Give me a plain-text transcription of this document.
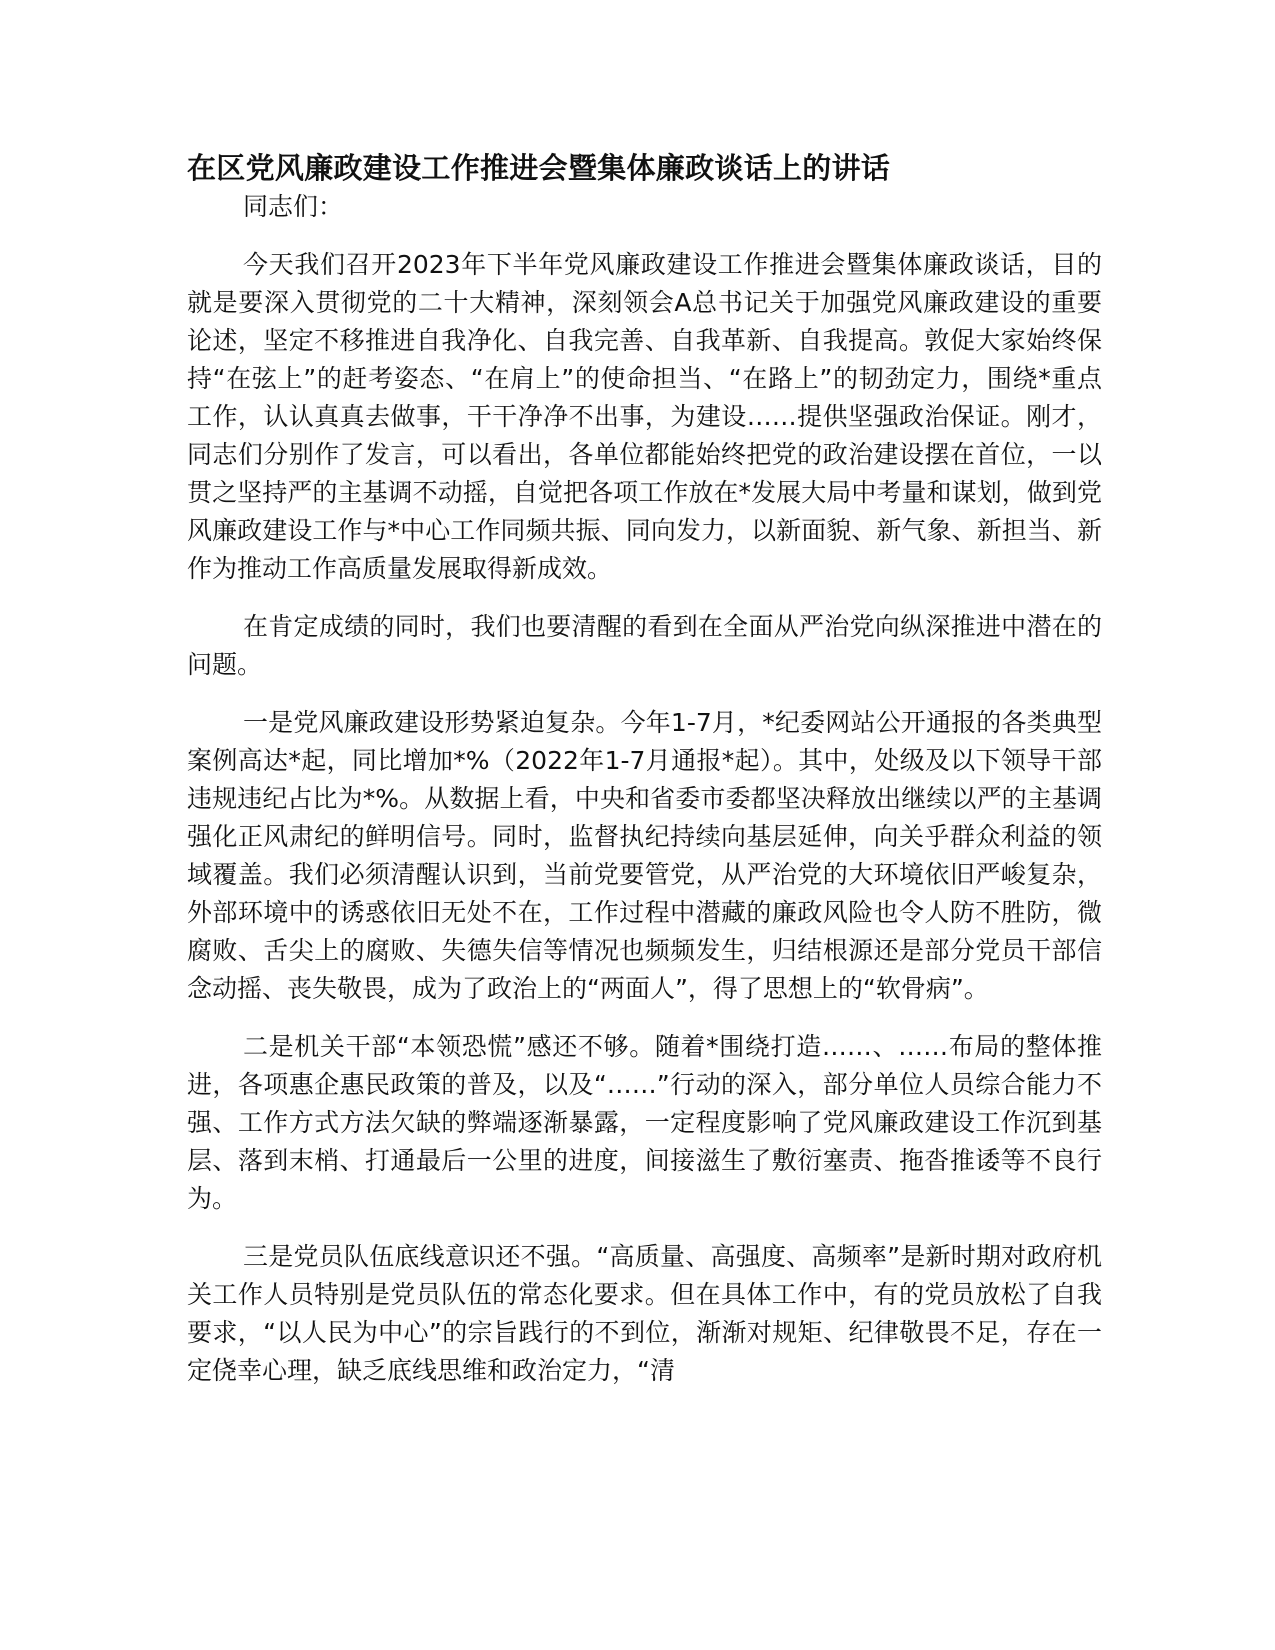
在区党风廉政建设工作推进会暨集体廉政谈话上的讲话

同志们：

今天我们召开2023年下半年党风廉政建设工作推进会暨集体廉政谈话，目的就是要深入贯彻党的二十大精神，深刻领会A总书记关于加强党风廉政建设的重要论述，坚定不移推进自我净化、自我完善、自我革新、自我提高。敦促大家始终保持“在弦上”的赶考姿态、“在肩上”的使命担当、“在路上”的韧劲定力，围绕*重点工作，认认真真去做事，干干净净不出事，为建设……提供坚强政治保证。刚才，同志们分别作了发言，可以看出，各单位都能始终把党的政治建设摆在首位，一以贯之坚持严的主基调不动摇，自觉把各项工作放在*发展大局中考量和谋划，做到党风廉政建设工作与*中心工作同频共振、同向发力，以新面貌、新气象、新担当、新作为推动工作高质量发展取得新成效。

在肯定成绩的同时，我们也要清醒的看到在全面从严治党向纵深推进中潜在的问题。

一是党风廉政建设形势紧迫复杂。今年1-7月，*纪委网站公开通报的各类典型案例高达*起，同比增加*%（2022年1-7月通报*起）。其中，处级及以下领导干部违规违纪占比为*%。从数据上看，中央和省委市委都坚决释放出继续以严的主基调强化正风肃纪的鲜明信号。同时，监督执纪持续向基层延伸，向关乎群众利益的领域覆盖。我们必须清醒认识到，当前党要管党，从严治党的大环境依旧严峻复杂，外部环境中的诱惑依旧无处不在，工作过程中潜藏的廉政风险也令人防不胜防，微腐败、舌尖上的腐败、失德失信等情况也频频发生，归结根源还是部分党员干部信念动摇、丧失敬畏，成为了政治上的“两面人”，得了思想上的“软骨病”。

二是机关干部“本领恐慌”感还不够。随着*围绕打造……、……布局的整体推进，各项惠企惠民政策的普及，以及“……”行动的深入，部分单位人员综合能力不强、工作方式方法欠缺的弊端逐渐暴露，一定程度影响了党风廉政建设工作沉到基层、落到末梢、打通最后一公里的进度，间接滋生了敷衍塞责、拖沓推诿等不良行为。

三是党员队伍底线意识还不强。“高质量、高强度、高频率”是新时期对政府机关工作人员特别是党员队伍的常态化要求。但在具体工作中，有的党员放松了自我要求，“以人民为中心”的宗旨践行的不到位，渐渐对规矩、纪律敬畏不足，存在一定侥幸心理，缺乏底线思维和政治定力，“清
